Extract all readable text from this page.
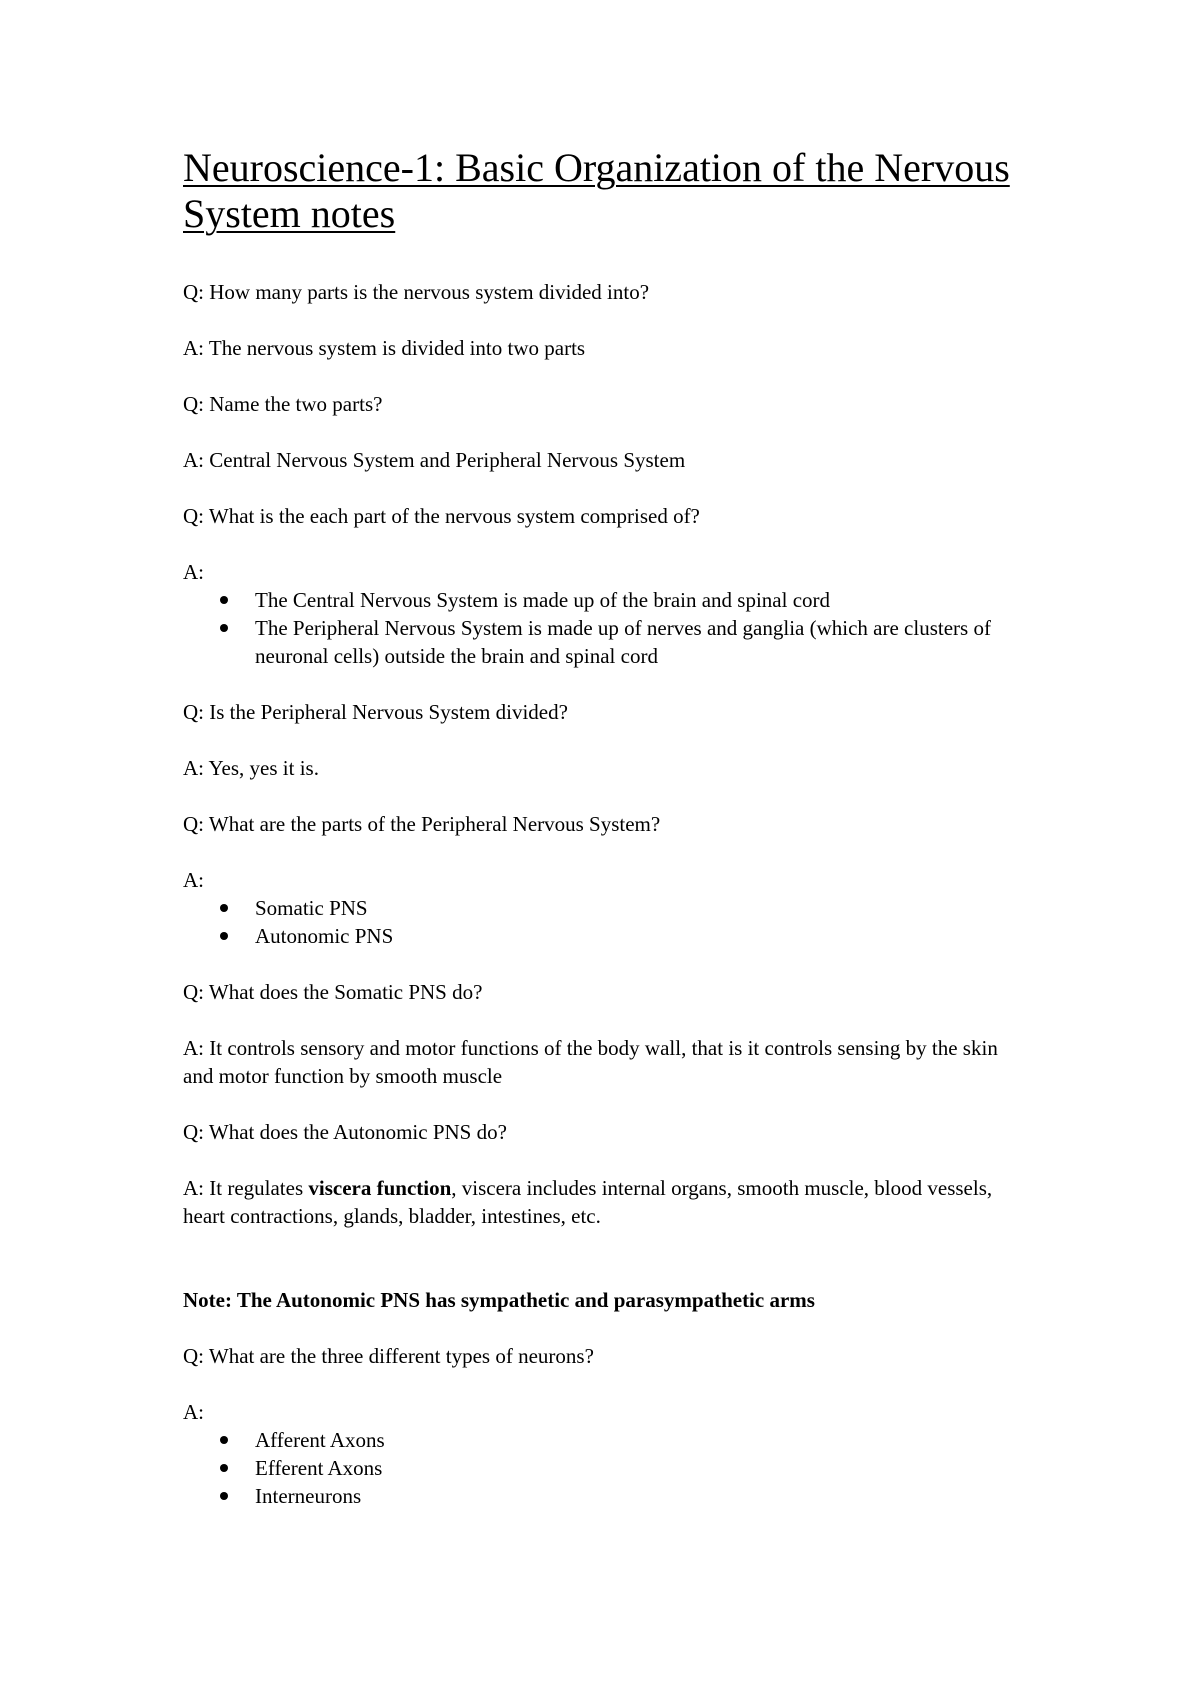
Neuroscience-1: Basic Organization of the Nervous System notes

Q: How many parts is the nervous system divided into?

A: The nervous system is divided into two parts

Q: Name the two parts?

A: Central Nervous System and Peripheral Nervous System

Q: What is the each part of the nervous system comprised of?

A:

The Central Nervous System is made up of the brain and spinal cord
The Peripheral Nervous System is made up of nerves and ganglia (which are clusters of neuronal cells) outside the brain and spinal cord

Q: Is the Peripheral Nervous System divided?

A: Yes, yes it is.

Q: What are the parts of the Peripheral Nervous System?

A:

Somatic PNS
Autonomic PNS

Q: What does the Somatic PNS do?

A: It controls sensory and motor functions of the body wall, that is it controls sensing by the skin and motor function by smooth muscle

Q: What does the Autonomic PNS do?

A: It regulates viscera function, viscera includes internal organs, smooth muscle, blood vessels, heart contractions, glands, bladder, intestines, etc.

Note: The Autonomic PNS has sympathetic and parasympathetic arms

Q: What are the three different types of neurons?

A:

Afferent Axons
Efferent Axons
Interneurons
